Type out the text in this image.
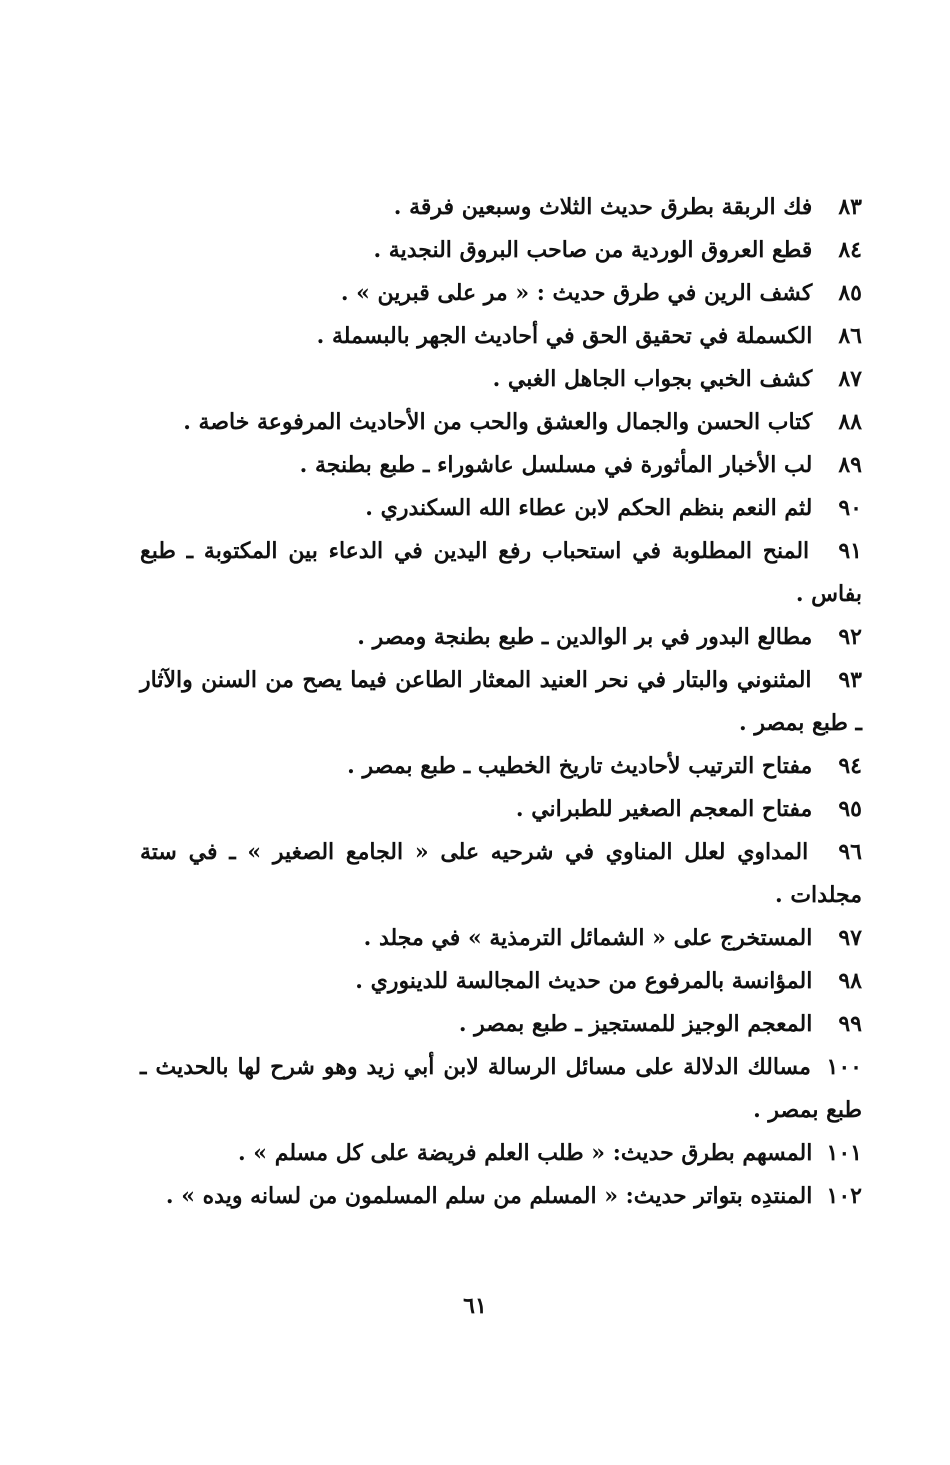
٨٣ فك الربقة بطرق حديث الثلاث وسبعين فرقة .

٨٤ قطع العروق الوردية من صاحب البروق النجدية .

٨٥ كشف الرين في طرق حديث : « مر على قبرين » .

٨٦ الكسملة في تحقيق الحق في أحاديث الجهر بالبسملة .

٨٧ كشف الخبي بجواب الجاهل الغبي .

٨٨ كتاب الحسن والجمال والعشق والحب من الأحاديث المرفوعة خاصة .

٨٩ لب الأخبار المأثورة في مسلسل عاشوراء ـ طبع بطنجة .

٩٠ لثم النعم بنظم الحكم لابن عطاء الله السكندري .

٩١ المنح المطلوبة في استحباب رفع اليدين في الدعاء بين المكتوبة ـ طبع بفاس .

٩٢ مطالع البدور في بر الوالدين ـ طبع بطنجة ومصر .

٩٣ المثنوني والبتار في نحر العنيد المعثار الطاعن فيما يصح من السنن والآثار ـ طبع بمصر .

٩٤ مفتاح الترتيب لأحاديث تاريخ الخطيب ـ طبع بمصر .

٩٥ مفتاح المعجم الصغير للطبراني .

٩٦ المداوي لعلل المناوي في شرحيه على « الجامع الصغير » ـ في ستة مجلدات .

٩٧ المستخرج على « الشمائل الترمذية » في مجلد .

٩٨ المؤانسة بالمرفوع من حديث المجالسة للدينوري .

٩٩ المعجم الوجيز للمستجيز ـ طبع بمصر .

١٠٠ مسالك الدلالة على مسائل الرسالة لابن أبي زيد وهو شرح لها بالحديث ـ طبع بمصر .

١٠١ المسهم بطرق حديث: « طلب العلم فريضة على كل مسلم » .

١٠٢ المنتدِه بتواتر حديث: « المسلم من سلم المسلمون من لسانه ويده » .

٦١
